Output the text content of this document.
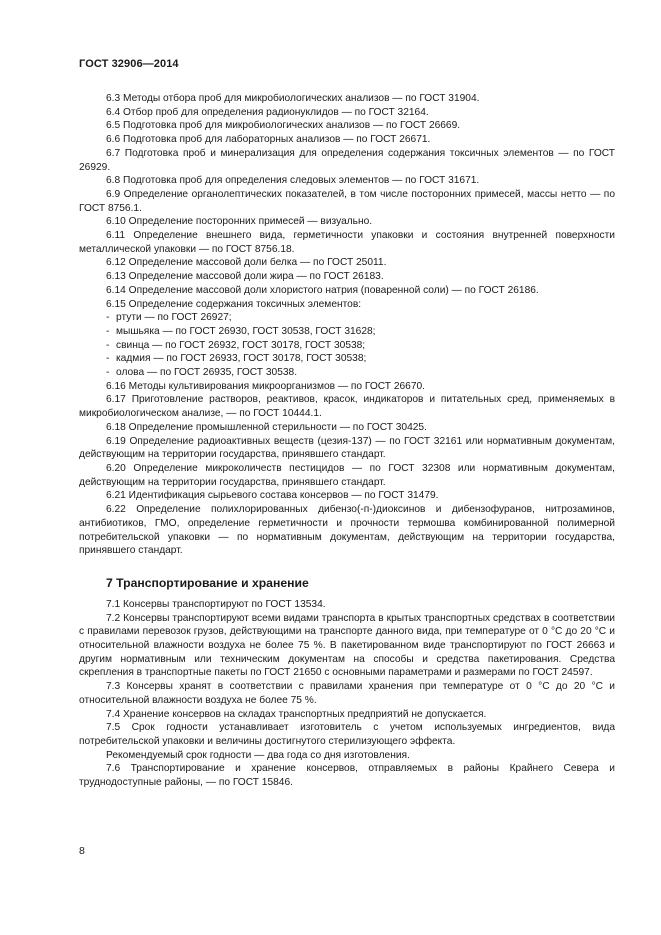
ГОСТ 32906—2014

6.3 Методы отбора проб для микробиологических анализов — по ГОСТ 31904.

6.4 Отбор проб для определения радионуклидов — по ГОСТ 32164.

6.5 Подготовка проб для микробиологических анализов — по ГОСТ 26669.

6.6 Подготовка проб для лабораторных анализов — по ГОСТ 26671.

6.7 Подготовка проб и минерализация для определения содержания токсичных элементов — по ГОСТ 26929.

6.8 Подготовка проб для определения следовых элементов — по ГОСТ 31671.

6.9 Определение органолептических показателей, в том числе посторонних примесей, массы нетто — по ГОСТ 8756.1.

6.10 Определение посторонних примесей — визуально.

6.11 Определение внешнего вида, герметичности упаковки и состояния внутренней поверхности металлической упаковки — по ГОСТ 8756.18.

6.12 Определение массовой доли белка — по ГОСТ 25011.

6.13 Определение массовой доли жира — по ГОСТ 26183.

6.14 Определение массовой доли хлористого натрия (поваренной соли) — по ГОСТ 26186.

6.15 Определение содержания токсичных элементов:

- ртути — по ГОСТ 26927;

- мышьяка — по ГОСТ 26930, ГОСТ 30538, ГОСТ 31628;

- свинца — по ГОСТ 26932, ГОСТ 30178, ГОСТ 30538;

- кадмия — по ГОСТ 26933, ГОСТ 30178, ГОСТ 30538;

- олова — по ГОСТ 26935, ГОСТ 30538.

6.16 Методы культивирования микроорганизмов — по ГОСТ 26670.

6.17 Приготовление растворов, реактивов, красок, индикаторов и питательных сред, применяемых в микробиологическом анализе, — по ГОСТ 10444.1.

6.18 Определение промышленной стерильности — по ГОСТ 30425.

6.19 Определение радиоактивных веществ (цезия-137) — по ГОСТ 32161 или нормативным документам, действующим на территории государства, принявшего стандарт.

6.20 Определение микроколичеств пестицидов — по ГОСТ 32308 или нормативным документам, действующим на территории государства, принявшего стандарт.

6.21 Идентификация сырьевого состава консервов — по ГОСТ 31479.

6.22 Определение полихлорированных дибензо(-п-)диоксинов и дибензофуранов, нитрозаминов, антибиотиков, ГМО, определение герметичности и прочности термошва комбинированной полимерной потребительской упаковки — по нормативным документам, действующим на территории государства, принявшего стандарт.

7 Транспортирование и хранение

7.1 Консервы транспортируют по ГОСТ 13534.

7.2 Консервы транспортируют всеми видами транспорта в крытых транспортных средствах в соответствии с правилами перевозок грузов, действующими на транспорте данного вида, при температуре от 0 °С до 20 °С и относительной влажности воздуха не более 75 %. В пакетированном виде транспортируют по ГОСТ 26663 и другим нормативным или техническим документам на способы и средства пакетирования. Средства скрепления в транспортные пакеты по ГОСТ 21650 с основными параметрами и размерами по ГОСТ 24597.

7.3 Консервы хранят в соответствии с правилами хранения при температуре от 0 °С до 20 °С и относительной влажности воздуха не более 75 %.

7.4 Хранение консервов на складах транспортных предприятий не допускается.

7.5 Срок годности устанавливает изготовитель с учетом используемых ингредиентов, вида потребительской упаковки и величины достигнутого стерилизующего эффекта.

Рекомендуемый срок годности — два года со дня изготовления.

7.6 Транспортирование и хранение консервов, отправляемых в районы Крайнего Севера и труднодоступные районы, — по ГОСТ 15846.

8
